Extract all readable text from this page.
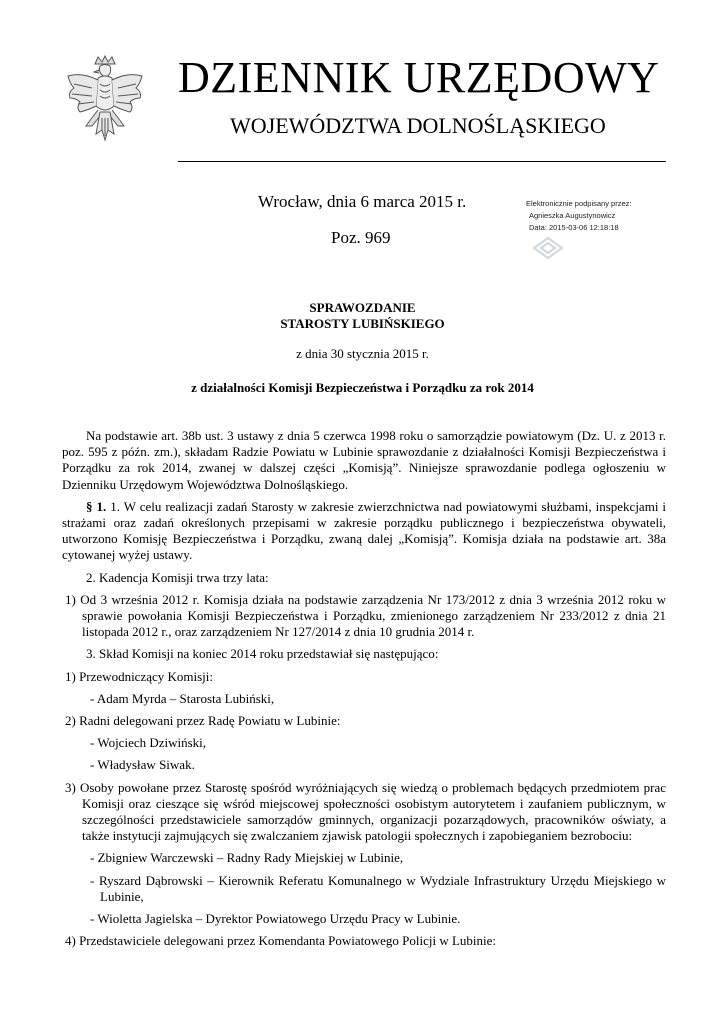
DZIENNIK URZĘDOWY
WOJEWÓDZTWA DOLNOŚLĄSKIEGO
Wrocław, dnia 6 marca 2015 r.
Poz. 969
Elektronicznie podpisany przez:
Agnieszka Augustynowicz
Data: 2015-03-06 12:18:18
SPRAWOZDANIE
STAROSTY LUBIŃSKIEGO
z dnia 30 stycznia 2015 r.
z działalności Komisji Bezpieczeństwa i Porządku za rok 2014

Na podstawie art. 38b ust. 3 ustawy z dnia 5 czerwca 1998 roku o samorządzie powiatowym (Dz. U. z 2013 r. poz. 595 z późn. zm.), składam Radzie Powiatu w Lubinie sprawozdanie z działalności Komisji Bezpieczeństwa i Porządku za rok 2014, zwanej w dalszej części „Komisją”. Niniejsze sprawozdanie podlega ogłoszeniu w Dzienniku Urzędowym Województwa Dolnośląskiego.

§ 1. 1. W celu realizacji zadań Starosty w zakresie zwierzchnictwa nad powiatowymi służbami, inspekcjami i strażami oraz zadań określonych przepisami w zakresie porządku publicznego i bezpieczeństwa obywateli, utworzono Komisję Bezpieczeństwa i Porządku, zwaną dalej „Komisją”. Komisja działa na podstawie art. 38a cytowanej wyżej ustawy.

2. Kadencja Komisji trwa trzy lata:

1) Od 3 września 2012 r. Komisja działa na podstawie zarządzenia Nr 173/2012 z dnia 3 września 2012 roku w sprawie powołania Komisji Bezpieczeństwa i Porządku, zmienionego zarządzeniem Nr 233/2012 z dnia 21 listopada 2012 r., oraz zarządzeniem Nr 127/2014 z dnia 10 grudnia 2014 r.

3. Skład Komisji na koniec 2014 roku przedstawiał się następująco:

1) Przewodniczący Komisji:
- Adam Myrda – Starosta Lubiński,
2) Radni delegowani przez Radę Powiatu w Lubinie:
- Wojciech Dziwiński,
- Władysław Siwak.
3) Osoby powołane przez Starostę spośród wyróżniających się wiedzą o problemach będących przedmiotem prac Komisji oraz cieszące się wśród miejscowej społeczności osobistym autorytetem i zaufaniem publicznym, w szczególności przedstawiciele samorządów gminnych, organizacji pozarządowych, pracowników oświaty, a także instytucji zajmujących się zwalczaniem zjawisk patologii społecznych i zapobieganiem bezrobociu:
- Zbigniew Warczewski – Radny Rady Miejskiej w Lubinie,
- Ryszard Dąbrowski – Kierownik Referatu Komunalnego w Wydziale Infrastruktury Urzędu Miejskiego w Lubinie,
- Wioletta Jagielska – Dyrektor Powiatowego Urzędu Pracy w Lubinie.
4) Przedstawiciele delegowani przez Komendanta Powiatowego Policji w Lubinie:
